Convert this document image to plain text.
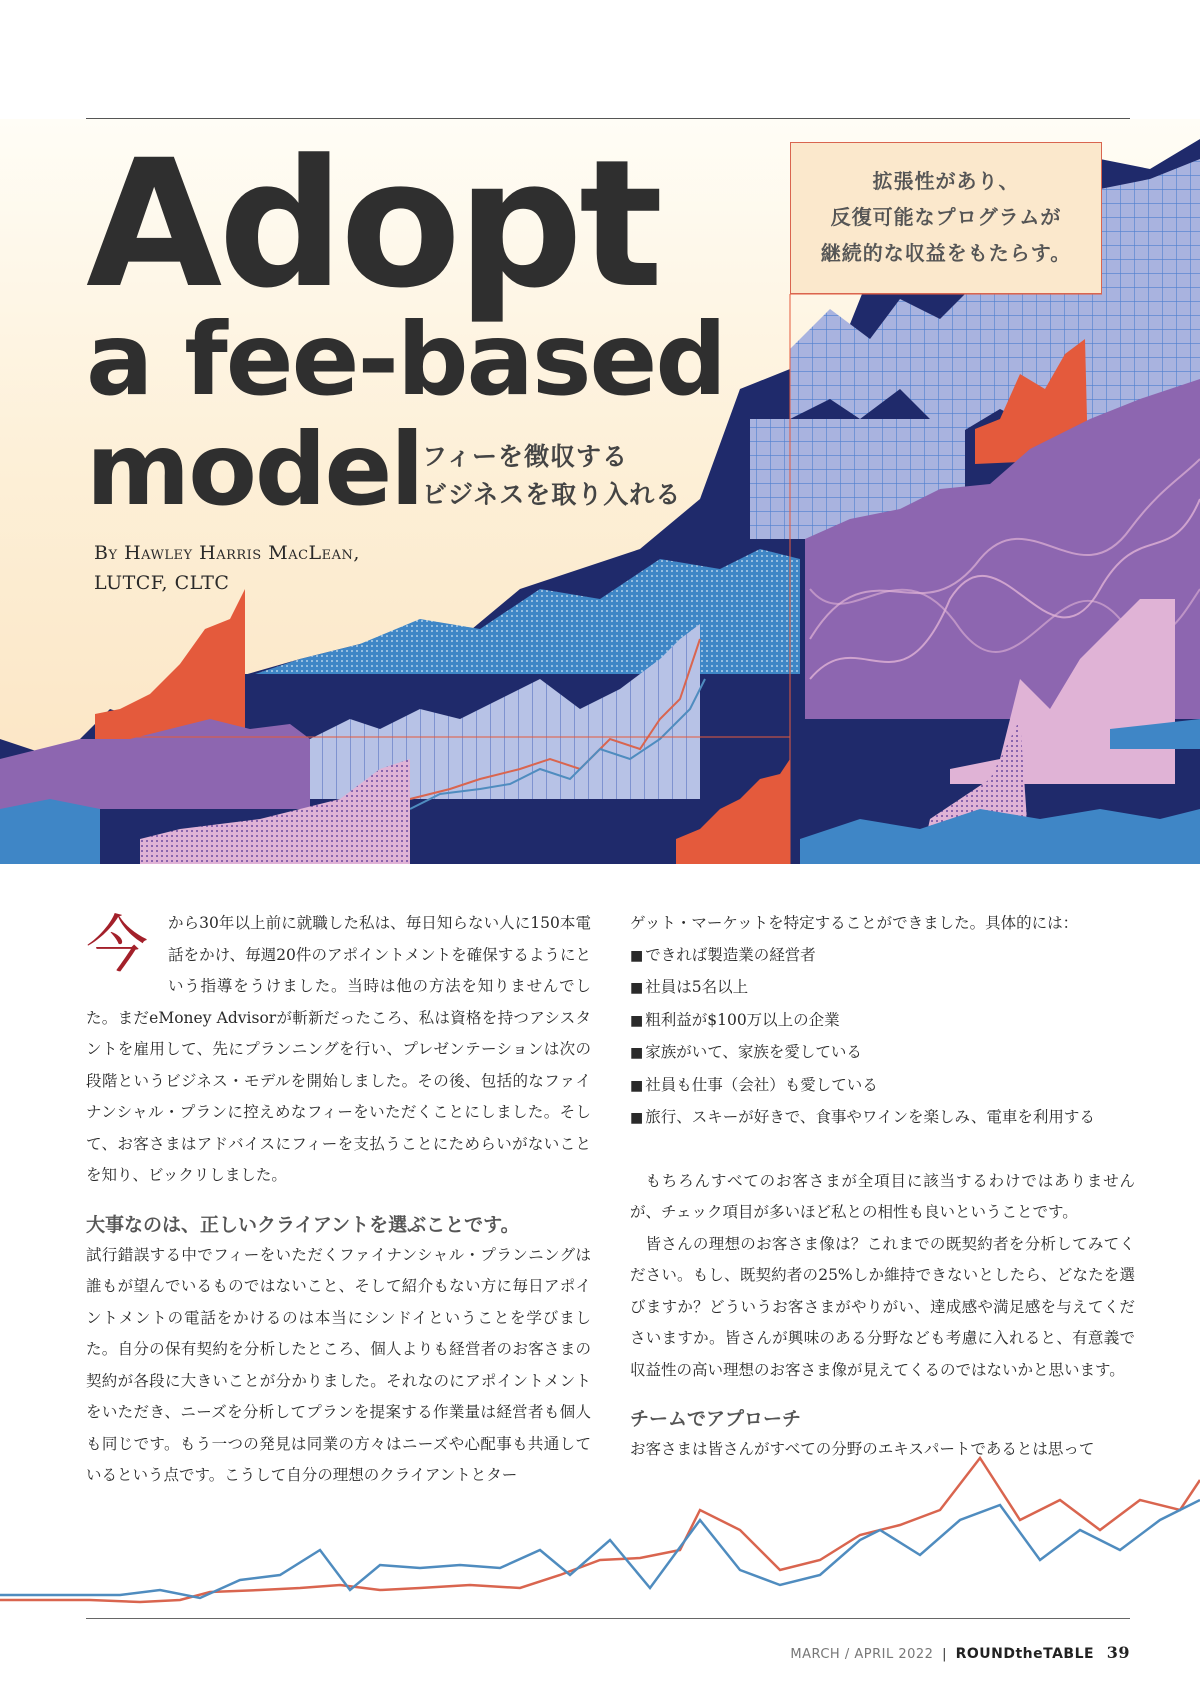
Adopt
a fee-based
model フィーを徴収する
ビジネスを取り入れる
By Hawley Harris MacLean,
LUTCF, CLTC
拡張性があり、
反復可能なプログラムが
継続的な収益をもたらす。
今	から30年以上前に就職した私は、毎日知らない人に150本電話をかけ、毎週20件のアポイントメントを確保するようにという指導をうけました。当時は他の方法を知りませんでした。まだeMoney Advisorが斬新だったころ、私は資格を持つアシスタントを雇用して、先にプランニングを行い、プレゼンテーションは次の段階というビジネス・モデルを開始しました。その後、包括的なファイナンシャル・プランに控えめなフィーをいただくことにしました。そして、お客さまはアドバイスにフィーを支払うことにためらいがないことを知り、ビックリしました。

大事なのは、正しいクライアントを選ぶことです。

試行錯誤する中でフィーをいただくファイナンシャル・プランニングは誰もが望んでいるものではないこと、そして紹介もない方に毎日アポイントメントの電話をかけるのは本当にシンドイということを学びました。自分の保有契約を分析したところ、個人よりも経営者のお客さまの契約が各段に大きいことが分かりました。それなのにアポイントメントをいただき、ニーズを分析してプランを提案する作業量は経営者も個人も同じです。もう一つの発見は同業の方々はニーズや心配事も共通しているという点です。こうして自分の理想のクライアントとター

ゲット・マーケットを特定することができました。具体的には：

■ できれば製造業の経営者
■ 社員は5名以上
■ 粗利益が$100万以上の企業
■ 家族がいて、家族を愛している
■ 社員も仕事（会社）も愛している
■ 旅行、スキーが好きで、食事やワインを楽しみ、電車を利用する

もちろんすべてのお客さまが全項目に該当するわけではありませんが、チェック項目が多いほど私との相性も良いということです。

皆さんの理想のお客さま像は？これまでの既契約者を分析してみてください。もし、既契約者の25%しか維持できないとしたら、どなたを選びますか？どういうお客さまがやりがい、達成感や満足感を与えてくださいますか。皆さんが興味のある分野なども考慮に入れると、有意義で収益性の高い理想のお客さま像が見えてくるのではないかと思います。

チームでアプローチ

お客さまは皆さんがすべての分野のエキスパートであるとは思って

MARCH / APRIL 2022 | ROUNDtheTABLE 39
